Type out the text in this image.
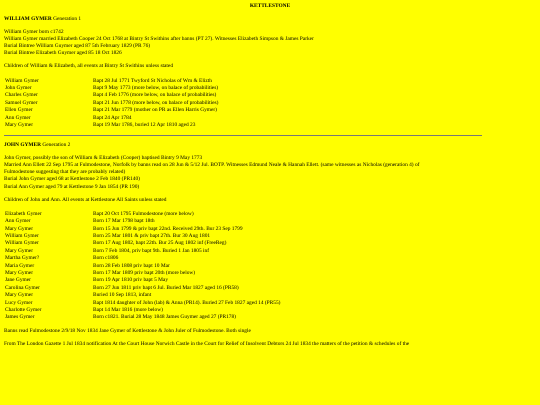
KETTLESTONE
WILLIAM GYMER Generation 1

William Gymer born c1742

William Gymer married Elizabeth Cooper 24 Oct 1768 at Bintry St Swithins after banns (PT 27). Witnesses Elizabeth Simpson & James Parker

Burial Bintree William Guymer aged 87 5th February 1829 (PR 76)

Burial Bintree Elizabeth Guymer aged 85 18 Oct 1826

Children of William & Elizabeth, all events at Bintry St Swithins unless stated

William Gymer	Bapt 28 Jul 1771 Twyford St Nicholas of Wm & Elizth
John Gymer	Bapt 9 May 1773 (more below, on balace of probabilities)
Charles Gymer	Bapt 4 Feb 1776 (more below, on balace of probabilities)
Samuel Gymer	Bapt 21 Jun 1778 (more below, on balace of probabilities)
Ellen Gymer	Bapt 21 Mar 1779 (mother on PR as Ellen Harris Gymer)
Ann Gymer	Bapt 24 Apr 1784
Mary Gymer	Bapt 19 Mar 1786, buried 12 Apr 1810 aged 23
JOHN GYMER Generation 2

John Gymer, possibly the son of William & Elizabeth (Cooper) baptised Bintry 9 May 1773

Married Ann Ellett 22 Sep 1795 at Fulmodestone, Norfolk by banns read on 28 Jun & 5/12 Jul. BOTP. Witnesses Edmund Neale & Hannah Ellett. (same witnesses as Nicholas (generation 4) of

Fulmodestone suggesting that they are probably related)

Burial John Gymer aged 68 at Kettlestone 2 Feb 1840 (PR140)

Burial Ann Gymer aged 79 at Kettlestone 9 Jan 1854 (PR 190)

Children of John and Ann. All events at Kettlestone All Saints unless stated

Elizabeth Gymer	Bapt 20 Oct 1795 Fulmodestone (more below)
Ann Gymer	Born 17 Mar 1798 bapt 18th
Mary Gymer	Born 15 Jun 1799 & priv bapt 22nd. Received 29th. Bur 23 Sep 1799
William Gymer	Born 25 Mar 1801 & priv bapt 27th. Bur 30 Aug 1801
William Gymer	Born 17 Aug 1802, bapt 22th. Bur 25 Aug 1802 inf (FreeReg)
Mary Gymer	Born 7 Feb 1804, priv bapt 9th. Buried 1 Jan 1805 inf
Martha Gymer?	Born c1806
Maria Gymer	Born 28 Feb 1808 priv bapt 10 Mar
Mary Gymer	Born 17 Mar 1809 priv bapt 20th (more below)
Jane Gymer	Born 19 Apr 1810 priv bapt 5 May
Carolina Gymer	Born 27 Jun 1811 priv bapt 6 Jul. Buried Mar 1827 aged 16 (PR58)
Mary Gymer	Buried 10 Sep 1813, infant
Lucy Gymer	Bapt 1814 daughter of John (lab) & Anna (PR14). Buried 27 Feb 1827 aged 14 (PR55)
Charlotte Gymer	Bapt 14 Mar 1816 (more below)
James Gymer	Born c1821. Burial 28 May 1848 James Guymer aged 27 (PR178)

Banns read Fulmodestone 2/9/18 Nov 1834 Jane Gymer of Kettlestone & John Juler of Fulmodestone. Both single

From The London Gazette 1 Jul 1834 notification At the Court House Norwich Castle in the Court for Relief of Insolvent Debtors 24 Jul 1834 the matters of the petition & schedules of the
